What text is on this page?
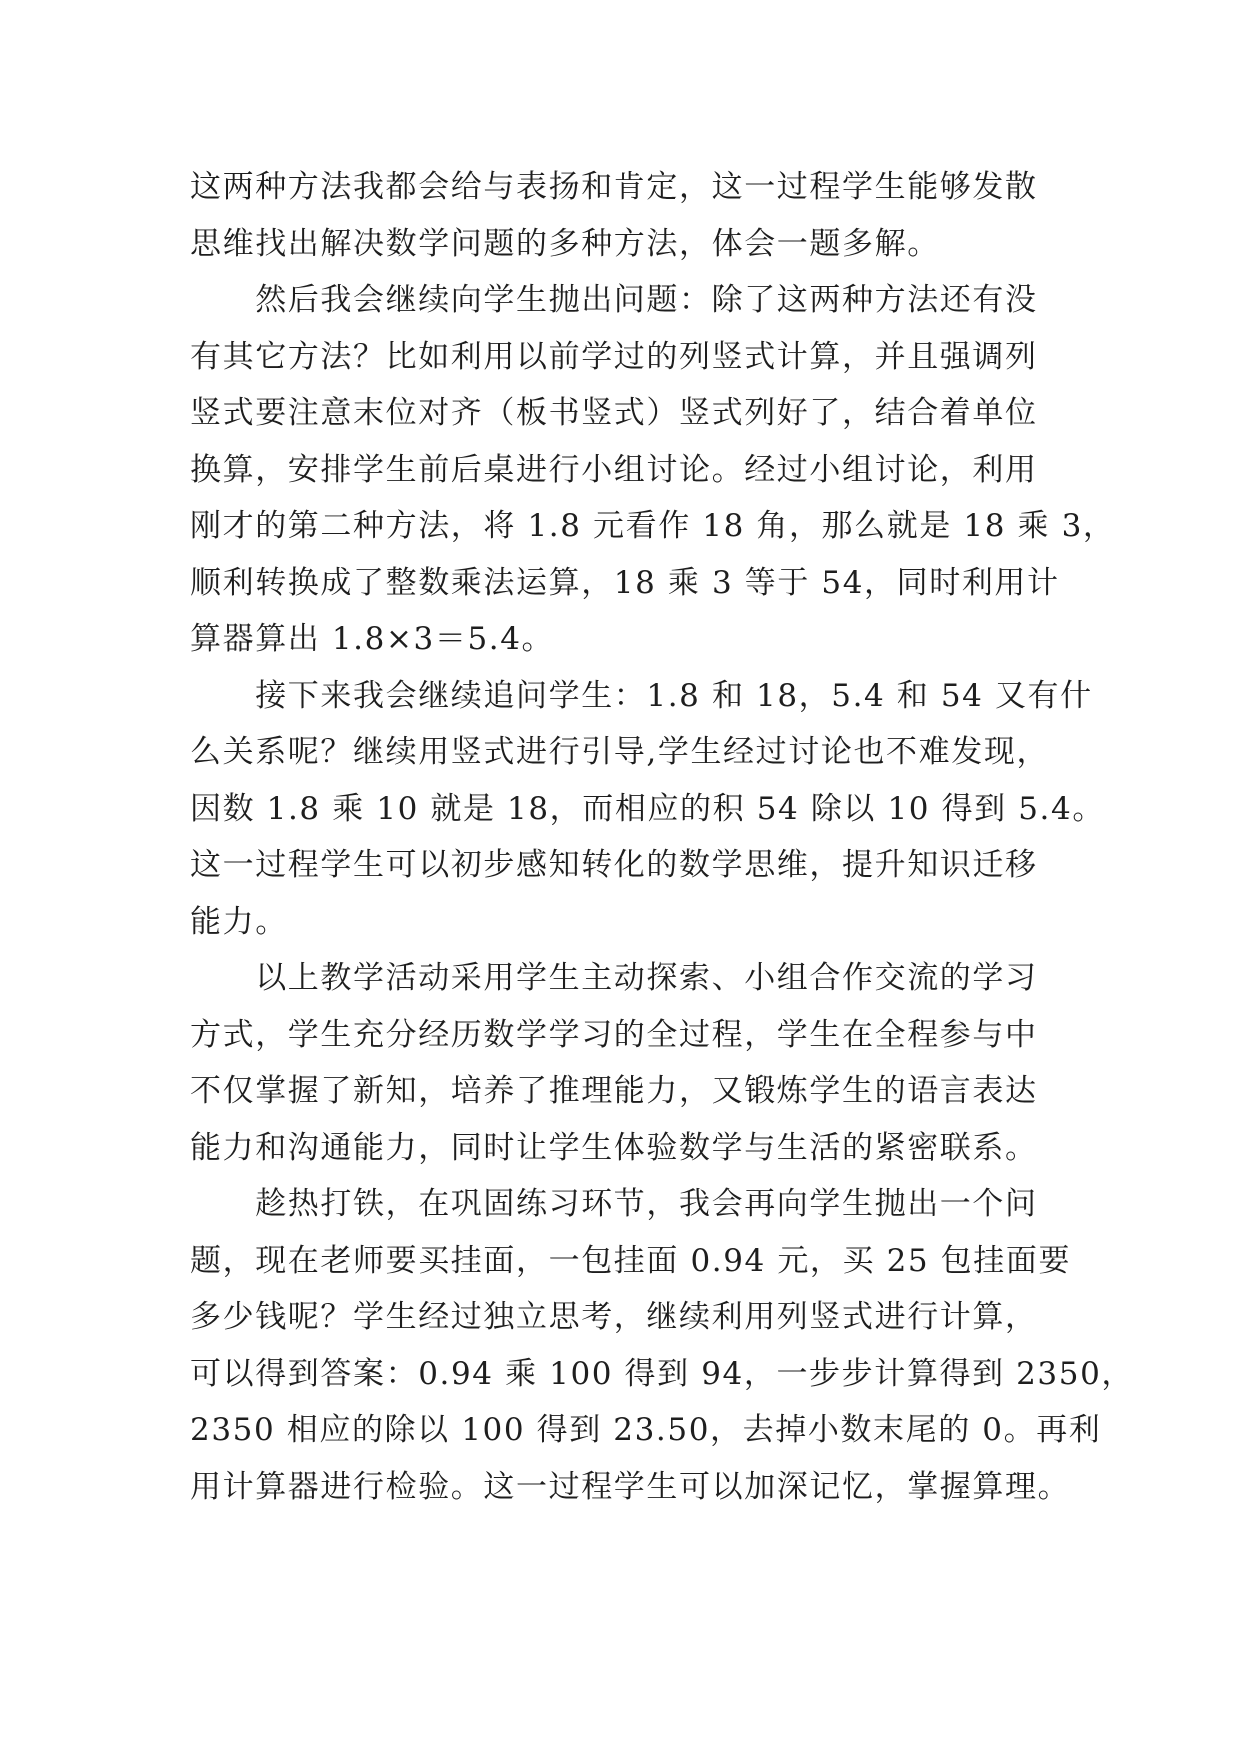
这两种方法我都会给与表扬和肯定，这一过程学生能够发散
思维找出解决数学问题的多种方法，体会一题多解。
　　然后我会继续向学生抛出问题：除了这两种方法还有没
有其它方法？比如利用以前学过的列竖式计算，并且强调列
竖式要注意末位对齐（板书竖式）竖式列好了，结合着单位
换算，安排学生前后桌进行小组讨论。经过小组讨论，利用
刚才的第二种方法，将 1.8 元看作 18 角，那么就是 18 乘 3，
顺利转换成了整数乘法运算，18 乘 3 等于 54，同时利用计
算器算出 1.8×3＝5.4。
　　接下来我会继续追问学生：1.8 和 18，5.4 和 54 又有什
么关系呢？继续用竖式进行引导,学生经过讨论也不难发现，
因数 1.8 乘 10 就是 18，而相应的积 54 除以 10 得到 5.4。
这一过程学生可以初步感知转化的数学思维，提升知识迁移
能力。
　　以上教学活动采用学生主动探索、小组合作交流的学习
方式，学生充分经历数学学习的全过程，学生在全程参与中
不仅掌握了新知，培养了推理能力，又锻炼学生的语言表达
能力和沟通能力，同时让学生体验数学与生活的紧密联系。
　　趁热打铁，在巩固练习环节，我会再向学生抛出一个问
题，现在老师要买挂面，一包挂面 0.94 元，买 25 包挂面要
多少钱呢？学生经过独立思考，继续利用列竖式进行计算，
可以得到答案：0.94 乘 100 得到 94，一步步计算得到 2350，
2350 相应的除以 100 得到 23.50，去掉小数末尾的 0。再利
用计算器进行检验。这一过程学生可以加深记忆，掌握算理。
